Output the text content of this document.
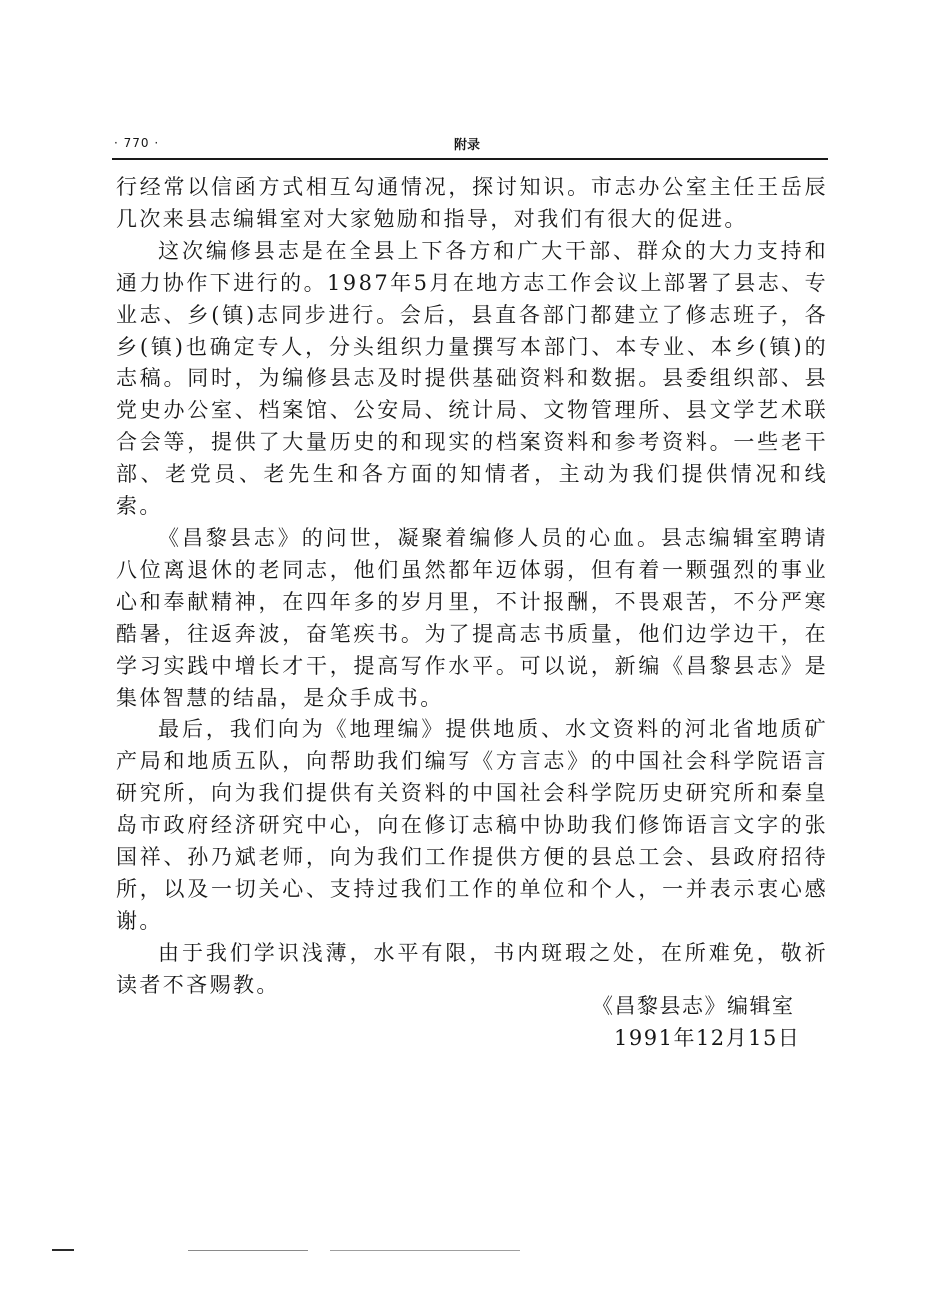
· 770 ·	附录

行经常以信函方式相互勾通情况，探讨知识。市志办公室主任王岳辰几次来县志编辑室对大家勉励和指导，对我们有很大的促进。

这次编修县志是在全县上下各方和广大干部、群众的大力支持和通力协作下进行的。1987年5月在地方志工作会议上部署了县志、专业志、乡(镇)志同步进行。会后，县直各部门都建立了修志班子，各乡(镇)也确定专人，分头组织力量撰写本部门、本专业、本乡(镇)的志稿。同时，为编修县志及时提供基础资料和数据。县委组织部、县党史办公室、档案馆、公安局、统计局、文物管理所、县文学艺术联合会等，提供了大量历史的和现实的档案资料和参考资料。一些老干部、老党员、老先生和各方面的知情者，主动为我们提供情况和线索。

《昌黎县志》的问世，凝聚着编修人员的心血。县志编辑室聘请八位离退休的老同志，他们虽然都年迈体弱，但有着一颗强烈的事业心和奉献精神，在四年多的岁月里，不计报酬，不畏艰苦，不分严寒酷暑，往返奔波，奋笔疾书。为了提高志书质量，他们边学边干，在学习实践中增长才干，提高写作水平。可以说，新编《昌黎县志》是集体智慧的结晶，是众手成书。

最后，我们向为《地理编》提供地质、水文资料的河北省地质矿产局和地质五队，向帮助我们编写《方言志》的中国社会科学院语言研究所，向为我们提供有关资料的中国社会科学院历史研究所和秦皇岛市政府经济研究中心，向在修订志稿中协助我们修饰语言文字的张国祥、孙乃斌老师，向为我们工作提供方便的县总工会、县政府招待所，以及一切关心、支持过我们工作的单位和个人，一并表示衷心感谢。

由于我们学识浅薄，水平有限，书内斑瑕之处，在所难免，敬祈读者不吝赐教。

《昌黎县志》编辑室
1991年12月15日
